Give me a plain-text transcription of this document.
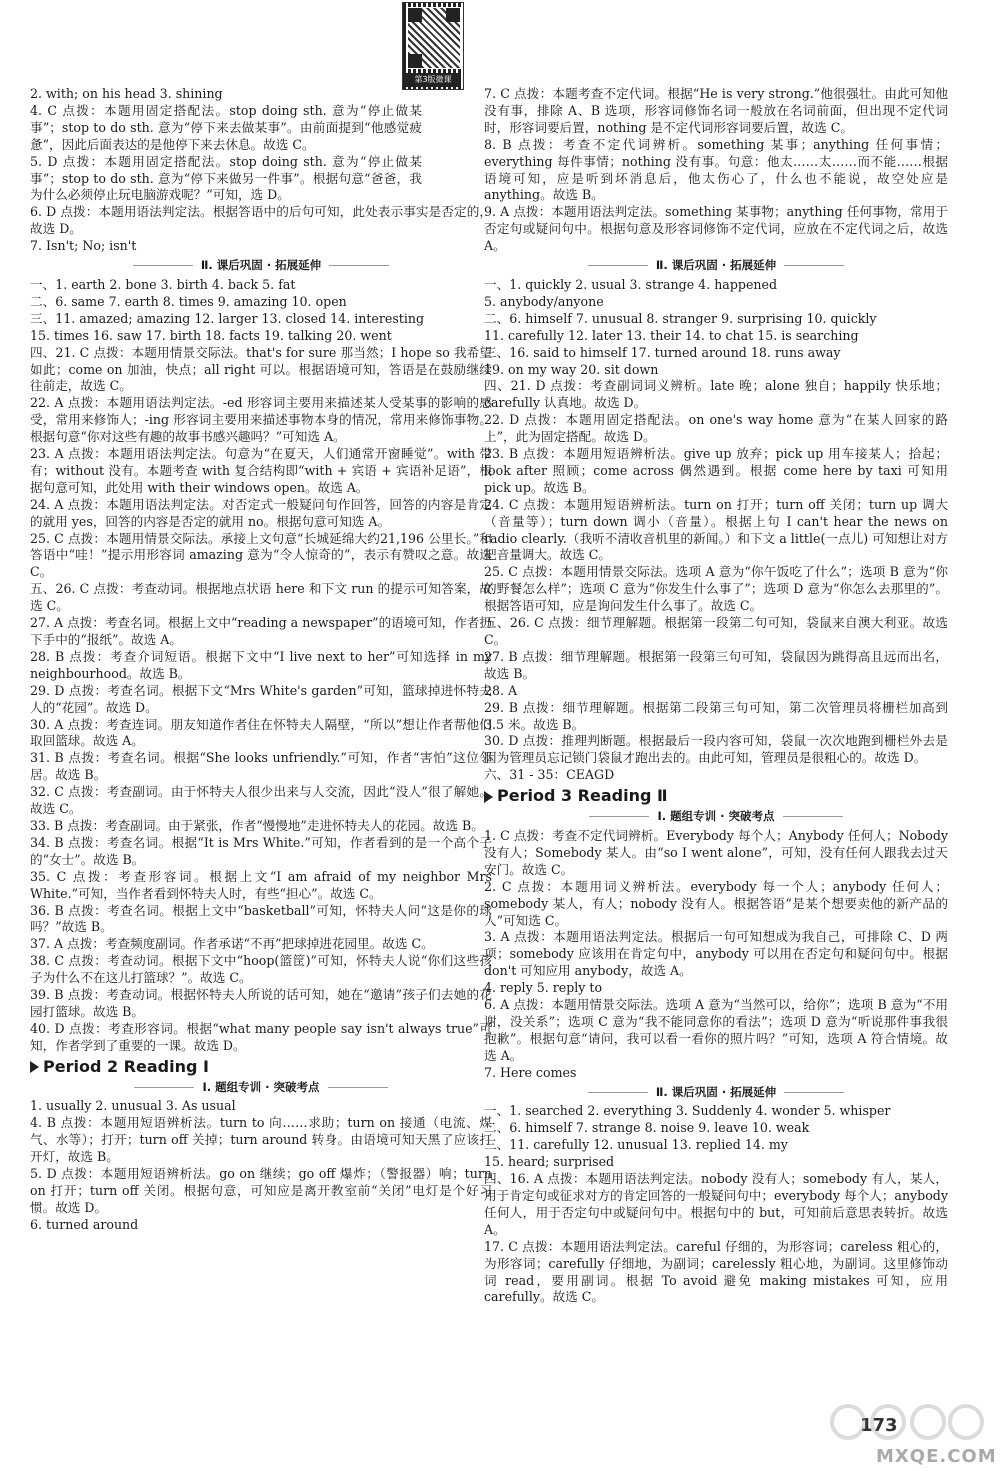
2. with; on his head 3. shining

4. C 点拨：本题用固定搭配法。stop doing sth. 意为“停止做某事”；stop to do sth. 意为“停下来去做某事”。由前面提到“他感觉疲惫”，因此后面表达的是他停下来去休息。故选 C。

5. D 点拨：本题用固定搭配法。stop doing sth. 意为“停止做某事”；stop to do sth. 意为“停下来做另一件事”。根据句意“爸爸，我为什么必须停止玩电脑游戏呢？”可知，选 D。

6. D 点拨：本题用语法判定法。根据答语中的后句可知，此处表示事实是否定的，故选 D。

7. Isn't; No; isn't

Ⅱ. 课后巩固 · 拓展延伸

一、1. earth 2. bone 3. birth 4. back 5. fat

二、6. same 7. earth 8. times 9. amazing 10. open

三、11. amazed; amazing 12. larger 13. closed 14. interesting

15. times 16. saw 17. birth 18. facts 19. talking 20. went

四、21. C 点拨：本题用情景交际法。that's for sure 那当然；I hope so 我希望如此；come on 加油，快点；all right 可以。根据语境可知，答语是在鼓励继续往前走，故选 C。

22. A 点拨：本题用语法判定法。-ed 形容词主要用来描述某人受某事的影响的感受，常用来修饰人；-ing 形容词主要用来描述事物本身的情况，常用来修饰事物。根据句意“你对这些有趣的故事书感兴趣吗？”可知选 A。

23. A 点拨：本题用语法判定法。句意为“在夏天，人们通常开窗睡觉”。with 带有；without 没有。本题考查 with 复合结构即“with + 宾语 + 宾语补足语”，根据句意可知，此处用 with their windows open。故选 A。

24. A 点拨：本题用语法判定法。对否定式一般疑问句作回答，回答的内容是肯定的就用 yes，回答的内容是否定的就用 no。根据句意可知选 A。

25. C 点拨：本题用情景交际法。承接上文句意“长城延绵大约21,196 公里长。”和答语中“哇！”提示用形容词 amazing 意为“令人惊奇的”，表示有赞叹之意。故选 C。

五、26. C 点拨：考查动词。根据地点状语 here 和下文 run 的提示可知答案，故选 C。

27. A 点拨：考查名词。根据上文中“reading a newspaper”的语境可知，作者扔下手中的“报纸”。故选 A。

28. B 点拨：考查介词短语。根据下文中“I live next to her”可知选择 in my neighbourhood。故选 B。

29. D 点拨：考查名词。根据下文“Mrs White's garden”可知，篮球掉进怀特夫人的“花园”。故选 D。

30. A 点拨：考查连词。朋友知道作者住在怀特夫人隔壁，“所以”想让作者帮他们取回篮球。故选 A。

31. B 点拨：考查名词。根据“She looks unfriendly.”可知，作者“害怕”这位邻居。故选 B。

32. C 点拨：考查副词。由于怀特夫人很少出来与人交流，因此“没人”很了解她。故选 C。

33. B 点拨：考查副词。由于紧张，作者“慢慢地”走进怀特夫人的花园。故选 B。

34. B 点拨：考查名词。根据“It is Mrs White.”可知，作者看到的是一个高个子的“女士”。故选 B。

35. C 点拨：考查形容词。根据上文“I am afraid of my neighbor Mrs White.”可知，当作者看到怀特夫人时，有些“担心”。故选 C。

36. B 点拨：考查名词。根据上文中“basketball”可知，怀特夫人问“这是你的球吗？”故选 B。

37. A 点拨：考查频度副词。作者承诺“不再”把球掉进花园里。故选 C。

38. C 点拨：考查动词。根据下文中“hoop(篮筐)”可知，怀特夫人说“你们这些孩子为什么不在这儿打篮球？”。故选 C。

39. B 点拨：考查动词。根据怀特夫人所说的话可知，她在“邀请”孩子们去她的花园打篮球。故选 B。

40. D 点拨：考查形容词。根据“what many people say isn't always true”可知，作者学到了重要的一课。故选 D。

Period 2 Reading Ⅰ
Ⅰ. 题组专训 · 突破考点

1. usually 2. unusual 3. As usual

4. B 点拨：本题用短语辨析法。turn to 向……求助；turn on 接通（电流、煤气、水等）；打开；turn off 关掉；turn around 转身。由语境可知天黑了应该打开灯，故选 B。

5. D 点拨：本题用短语辨析法。go on 继续；go off 爆炸；（警报器）响；turn on 打开；turn off 关闭。根据句意，可知应是离开教室前“关闭”电灯是个好习惯。故选 D。

6. turned around

7. C 点拨：本题考查不定代词。根据“He is very strong.”他很强壮。由此可知他没有事，排除 A、B 选项，形容词修饰名词一般放在名词前面，但出现不定代词时，形容词要后置，nothing 是不定代词形容词要后置，故选 C。

8. B 点拨：考查不定代词辨析。something 某事；anything 任何事情；everything 每件事情；nothing 没有事。句意：他太……太……而不能……根据语境可知，应是听到坏消息后，他太伤心了，什么也不能说，故空处应是 anything。故选 B。

9. A 点拨：本题用语法判定法。something 某事物；anything 任何事物，常用于否定句或疑问句中。根据句意及形容词修饰不定代词，应放在不定代词之后，故选 A。

Ⅱ. 课后巩固 · 拓展延伸

一、1. quickly 2. usual 3. strange 4. happened

5. anybody/anyone

二、6. himself 7. unusual 8. stranger 9. surprising 10. quickly

11. carefully 12. later 13. their 14. to chat 15. is searching

三、16. said to himself 17. turned around 18. runs away

19. on my way 20. sit down

四、21. D 点拨：考查副词词义辨析。late 晚；alone 独自；happily 快乐地；carefully 认真地。故选 D。

22. D 点拨：本题用固定搭配法。on one's way home 意为“在某人回家的路上”，此为固定搭配。故选 D。

23. B 点拨：本题用短语辨析法。give up 放弃；pick up 用车接某人；拾起；look after 照顾；come across 偶然遇到。根据 come here by taxi 可知用 pick up。故选 B。

24. C 点拨：本题用短语辨析法。turn on 打开；turn off 关闭；turn up 调大（音量等）；turn down 调小（音量）。根据上句 I can't hear the news on radio clearly.（我听不清收音机里的新闻。）和下文 a little(一点儿) 可知想让对方把音量调大。故选 C。

25. C 点拨：本题用情景交际法。选项 A 意为“你午饭吃了什么”；选项 B 意为“你的野餐怎么样”；选项 C 意为“你发生什么事了”；选项 D 意为“你怎么去那里的”。根据答语可知，应是询问发生什么事了。故选 C。

五、26. C 点拨：细节理解题。根据第一段第二句可知，袋鼠来自澳大利亚。故选 C。

27. B 点拨：细节理解题。根据第一段第三句可知，袋鼠因为跳得高且远而出名，故选 B。

28. A

29. B 点拨：细节理解题。根据第二段第三句可知，第二次管理员将栅栏加高到 3.5 米。故选 B。

30. D 点拨：推理判断题。根据最后一段内容可知，袋鼠一次次地跑到栅栏外去是因为管理员忘记锁门袋鼠才跑出去的。由此可知，管理员是很粗心的。故选 D。

六、31 - 35：CEAGD

Period 3 Reading Ⅱ
Ⅰ. 题组专训 · 突破考点

1. C 点拨：考查不定代词辨析。Everybody 每个人；Anybody 任何人；Nobody 没有人；Somebody 某人。由“so I went alone”，可知，没有任何人跟我去过天安门。故选 C。

2. C 点拨：本题用词义辨析法。everybody 每一个人；anybody 任何人；somebody 某人，有人；nobody 没有人。根据答语“是某个想要卖他的新产品的人”可知选 C。

3. A 点拨：本题用语法判定法。根据后一句可知想成为我自己，可排除 C、D 两项；somebody 应该用在肯定句中，anybody 可以用在否定句和疑问句中。根据 don't 可知应用 anybody，故选 A。

4. reply 5. reply to

6. A 点拨：本题用情景交际法。选项 A 意为“当然可以，给你”；选项 B 意为“不用谢，没关系”；选项 C 意为“我不能同意你的看法”；选项 D 意为“听说那件事我很抱歉”。根据句意“请问，我可以看一看你的照片吗？”可知，选项 A 符合情境。故选 A。

7. Here comes

Ⅱ. 课后巩固 · 拓展延伸

一、1. searched 2. everything 3. Suddenly 4. wonder 5. whisper

二、6. himself 7. strange 8. noise 9. leave 10. weak

三、11. carefully 12. unusual 13. replied 14. my

15. heard; surprised

四、16. A 点拨：本题用语法判定法。nobody 没有人；somebody 有人，某人，用于肯定句或征求对方的肯定回答的一般疑问句中；everybody 每个人；anybody 任何人，用于否定句中或疑问句中。根据句中的 but，可知前后意思表转折。故选 A。

17. C 点拨：本题用语法判定法。careful 仔细的，为形容词；careless 粗心的，为形容词；carefully 仔细地，为副词；carelessly 粗心地，为副词。这里修饰动词 read，要用副词。根据 To avoid 避免 making mistakes 可知，应用 carefully。故选 C。

第3版微课
173
MXQE.COM
